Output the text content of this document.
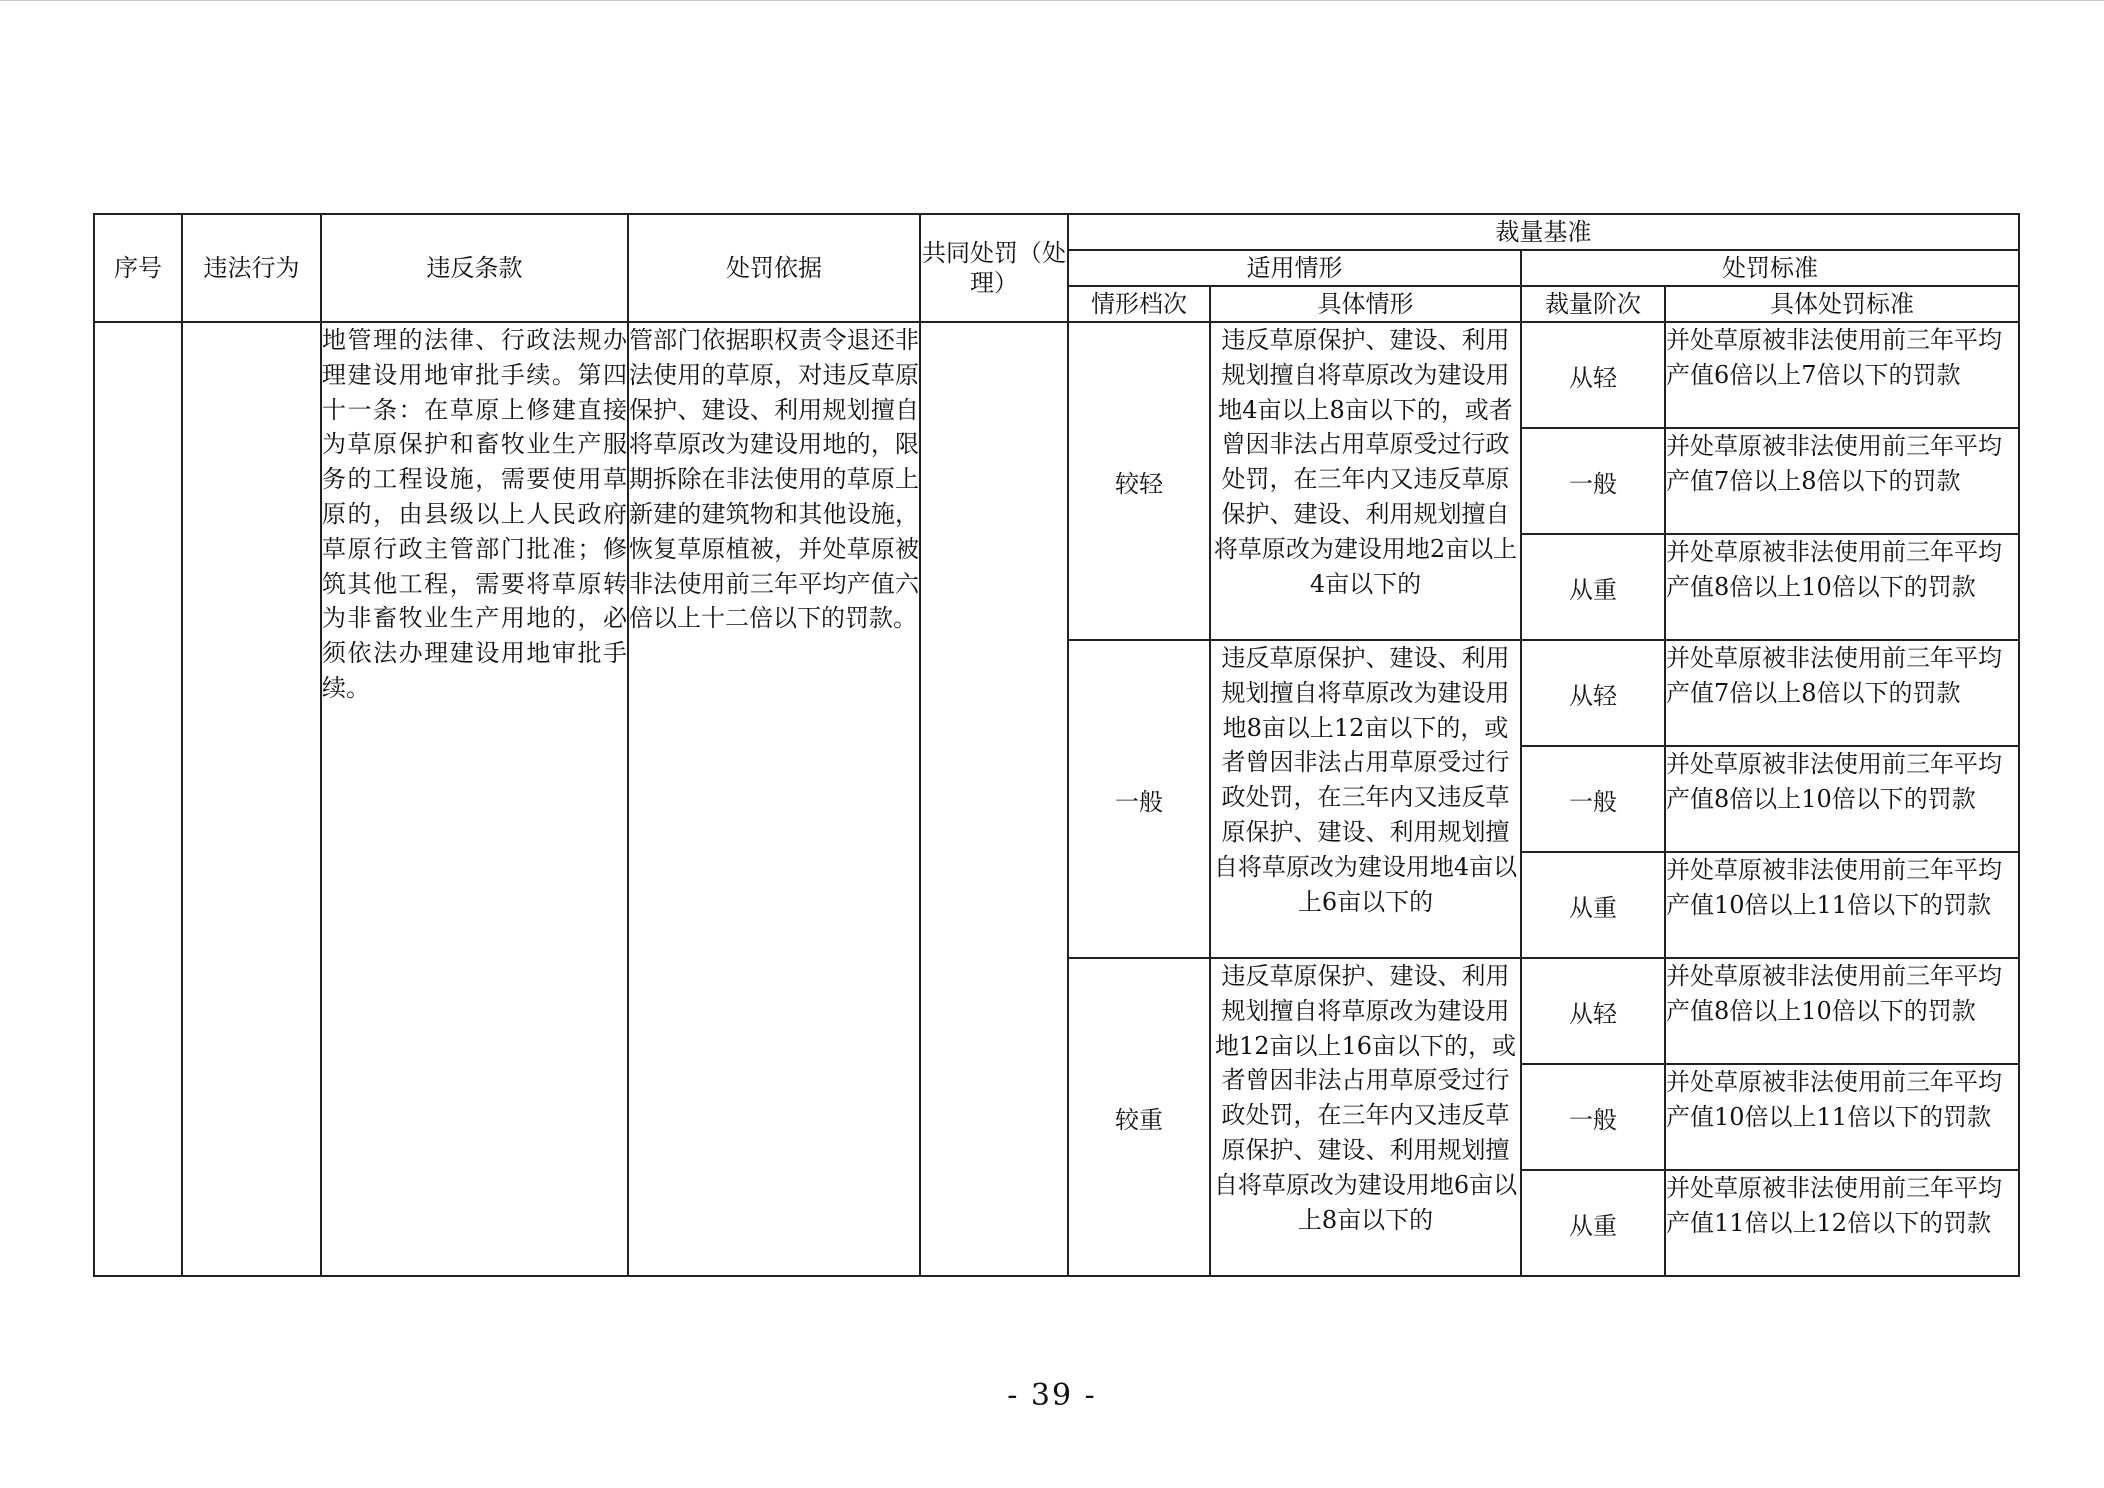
序号	违法行为	违反条款	处罚依据	共同处罚（处理）	裁量基准			
					适用情形		处罚标准	
					情形档次	具体情形	裁量阶次	具体处罚标准
		地管理的法律、行政法规办理建设用地审批手续。第四十一条：在草原上修建直接为草原保护和畜牧业生产服务的工程设施，需要使用草原的，由县级以上人民政府草原行政主管部门批准；修筑其他工程，需要将草原转为非畜牧业生产用地的，必须依法办理建设用地审批手续。	管部门依据职权责令退还非法使用的草原，对违反草原保护、建设、利用规划擅自将草原改为建设用地的，限期拆除在非法使用的草原上新建的建筑物和其他设施，恢复草原植被，并处草原被非法使用前三年平均产值六倍以上十二倍以下的罚款。		较轻	违反草原保护、建设、利用规划擅自将草原改为建设用地4亩以上8亩以下的，或者曾因非法占用草原受过行政处罚，在三年内又违反草原保护、建设、利用规划擅自将草原改为建设用地2亩以上4亩以下的	从轻	并处草原被非法使用前三年平均产值6倍以上7倍以下的罚款
							一般	并处草原被非法使用前三年平均产值7倍以上8倍以下的罚款
							从重	并处草原被非法使用前三年平均产值8倍以上10倍以下的罚款
					一般	违反草原保护、建设、利用规划擅自将草原改为建设用地8亩以上12亩以下的，或者曾因非法占用草原受过行政处罚，在三年内又违反草原保护、建设、利用规划擅自将草原改为建设用地4亩以上6亩以下的	从轻	并处草原被非法使用前三年平均产值7倍以上8倍以下的罚款
							一般	并处草原被非法使用前三年平均产值8倍以上10倍以下的罚款
							从重	并处草原被非法使用前三年平均产值10倍以上11倍以下的罚款
					较重	违反草原保护、建设、利用规划擅自将草原改为建设用地12亩以上16亩以下的，或者曾因非法占用草原受过行政处罚，在三年内又违反草原保护、建设、利用规划擅自将草原改为建设用地6亩以上8亩以下的	从轻	并处草原被非法使用前三年平均产值8倍以上10倍以下的罚款
							一般	并处草原被非法使用前三年平均产值10倍以上11倍以下的罚款
							从重	并处草原被非法使用前三年平均产值11倍以上12倍以下的罚款
- 39 -
